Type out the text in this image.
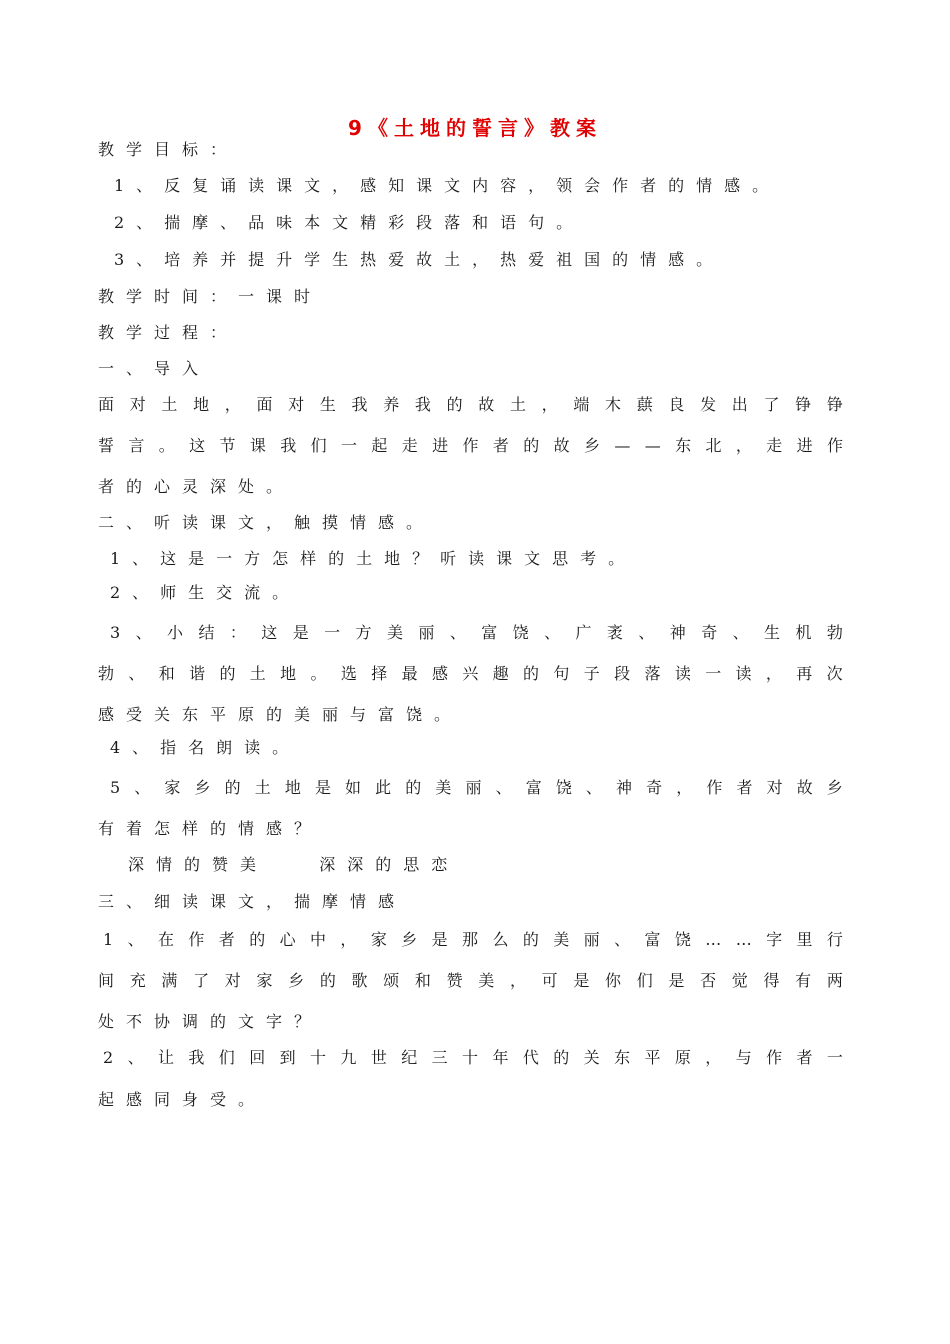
9《土地的誓言》教案
教学目标：
1、反复诵读课文，感知课文内容，领会作者的情感。
2、揣摩、品味本文精彩段落和语句。
3、培养并提升学生热爱故土，热爱祖国的情感。
教学时间：一课时
教学过程：
一、导入
面 对 土 地 ， 面 对 生 我 养 我 的 故 土 ， 端 木 蕻 良 发 出 了 铮 铮
誓 言 。 这 节 课 我 们 一 起 走 进 作 者 的 故 乡 — — 东 北 ， 走 进 作
者的心灵深处。
二、听读课文，触摸情感。
1、这是一方怎样的土地？听读课文思考。
2、师生交流。
3 、 小 结 ： 这 是 一 方 美 丽 、 富 饶 、 广 袤 、 神 奇 、 生 机 勃
勃 、 和 谐 的 土 地 。 选 择 最 感 兴 趣 的 句 子 段 落 读 一 读 ， 再 次
感受关东平原的美丽与富饶。
4、指名朗读。
5 、 家 乡 的 土 地 是 如 此 的 美 丽 、 富 饶 、 神 奇 ， 作 者 对 故 乡
有着怎样的情感？
深情的赞美   深深的思恋
三、细读课文，揣摩情感
1 、 在 作 者 的 心 中 ， 家 乡 是 那 么 的 美 丽 、 富 饶 … … 字 里 行
间 充 满 了 对 家 乡 的 歌 颂 和 赞 美 ， 可 是 你 们 是 否 觉 得 有 两
处不协调的文字？
2 、 让 我 们 回 到 十 九 世 纪 三 十 年 代 的 关 东 平 原 ， 与 作 者 一
起感同身受。
